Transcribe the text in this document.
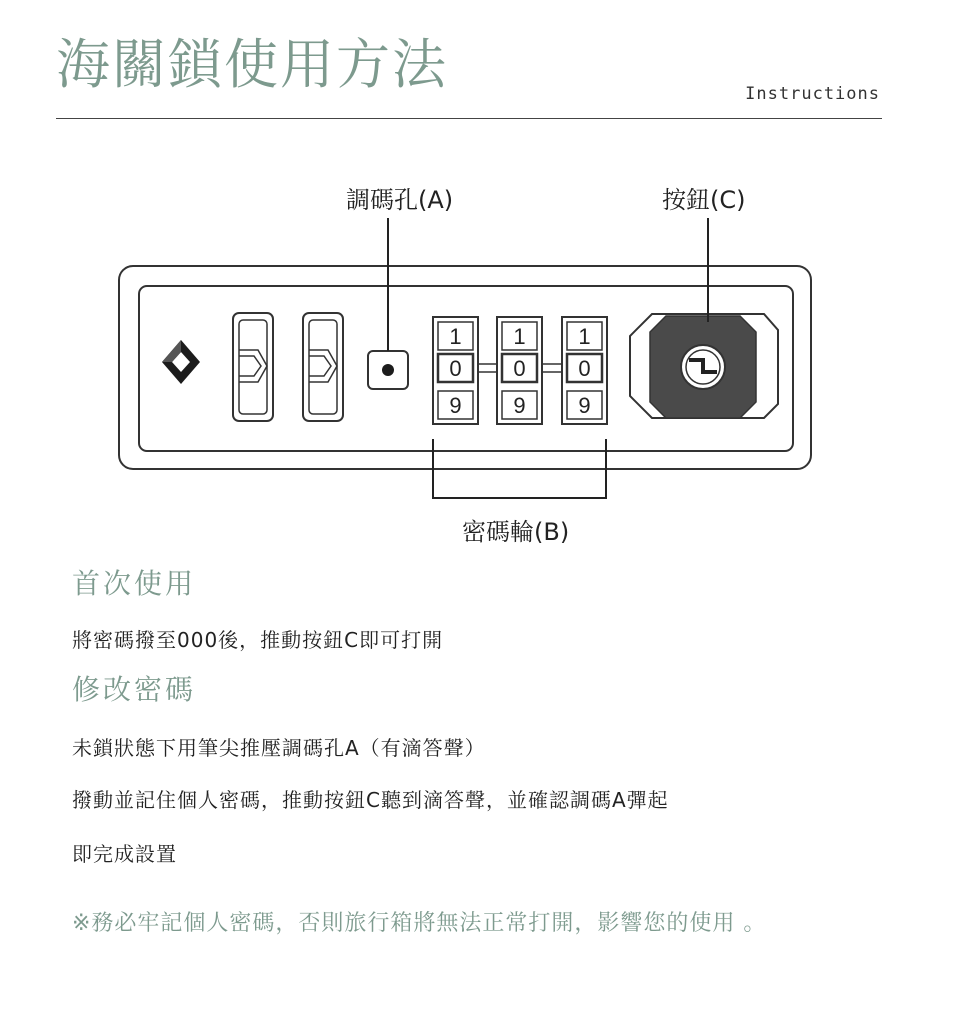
海關鎖使用方法	Instructions
1
0
9
1
0
9
1
0
9
調碼孔(A)	按鈕(C)
密碼輪(B)
首次使用
將密碼撥至000後，推動按鈕C即可打開
修改密碼
未鎖狀態下用筆尖推壓調碼孔A（有滴答聲）
撥動並記住個人密碼，推動按鈕C聽到滴答聲，並確認調碼A彈起
即完成設置
※務必牢記個人密碼，否則旅行箱將無法正常打開，影響您的使用 。
